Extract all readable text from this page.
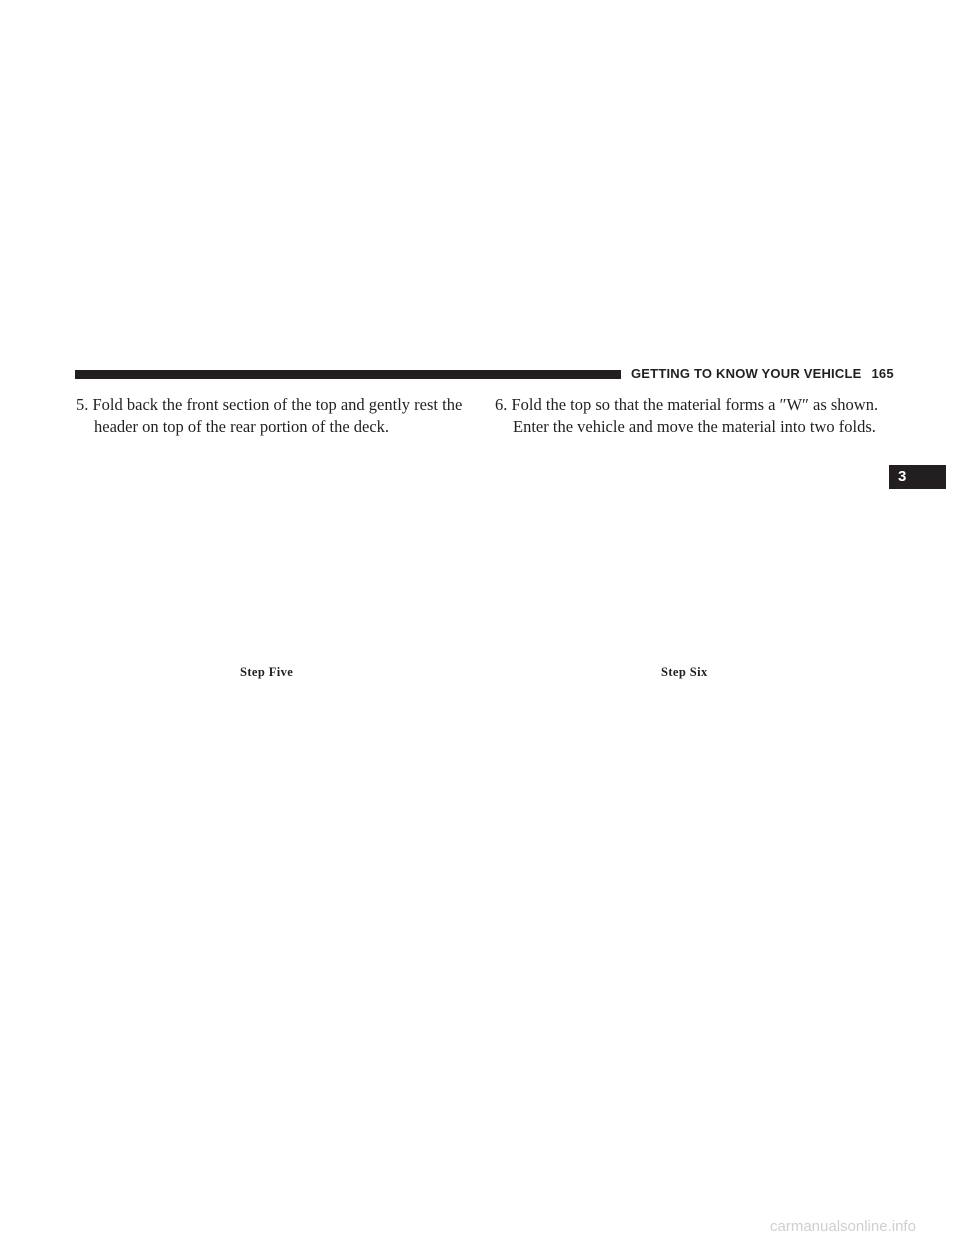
GETTING TO KNOW YOUR VEHICLE 165
3
5. Fold back the front section of the top and gently rest the
header on top of the rear portion of the deck.
6. Fold the top so that the material forms a ″W″ as shown.
Enter the vehicle and move the material into two folds.
Step Five	Step Six
carmanualsonline.info
